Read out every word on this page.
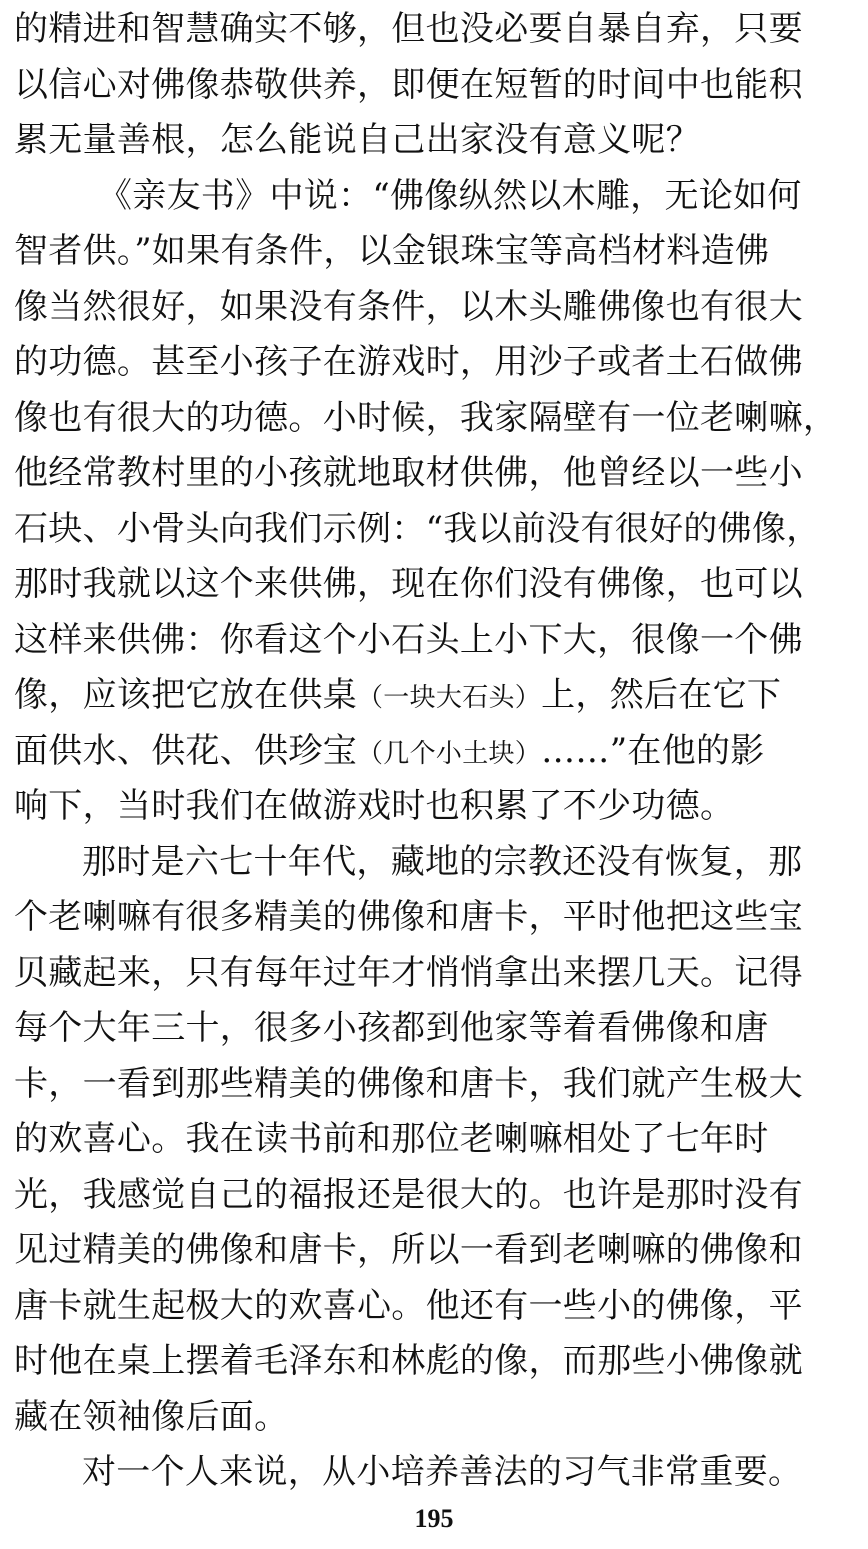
的精进和智慧确实不够，但也没必要自暴自弃，只要
以信心对佛像恭敬供养，即便在短暂的时间中也能积
累无量善根，怎么能说自己出家没有意义呢？
《亲友书》中说：“佛像纵然以木雕，无论如何
智者供。”如果有条件，以金银珠宝等高档材料造佛
像当然很好，如果没有条件，以木头雕佛像也有很大
的功德。甚至小孩子在游戏时，用沙子或者土石做佛
像也有很大的功德。小时候，我家隔壁有一位老喇嘛，
他经常教村里的小孩就地取材供佛，他曾经以一些小
石块、小骨头向我们示例：“我以前没有很好的佛像，
那时我就以这个来供佛，现在你们没有佛像，也可以
这样来供佛：你看这个小石头上小下大，很像一个佛
像，应该把它放在供桌（一块大石头）上，然后在它下
面供水、供花、供珍宝（几个小土块）……”在他的影
响下，当时我们在做游戏时也积累了不少功德。
那时是六七十年代，藏地的宗教还没有恢复，那
个老喇嘛有很多精美的佛像和唐卡，平时他把这些宝
贝藏起来，只有每年过年才悄悄拿出来摆几天。记得
每个大年三十，很多小孩都到他家等着看佛像和唐
卡，一看到那些精美的佛像和唐卡，我们就产生极大
的欢喜心。我在读书前和那位老喇嘛相处了七年时
光，我感觉自己的福报还是很大的。也许是那时没有
见过精美的佛像和唐卡，所以一看到老喇嘛的佛像和
唐卡就生起极大的欢喜心。他还有一些小的佛像，平
时他在桌上摆着毛泽东和林彪的像，而那些小佛像就
藏在领袖像后面。
对一个人来说，从小培养善法的习气非常重要。
195
